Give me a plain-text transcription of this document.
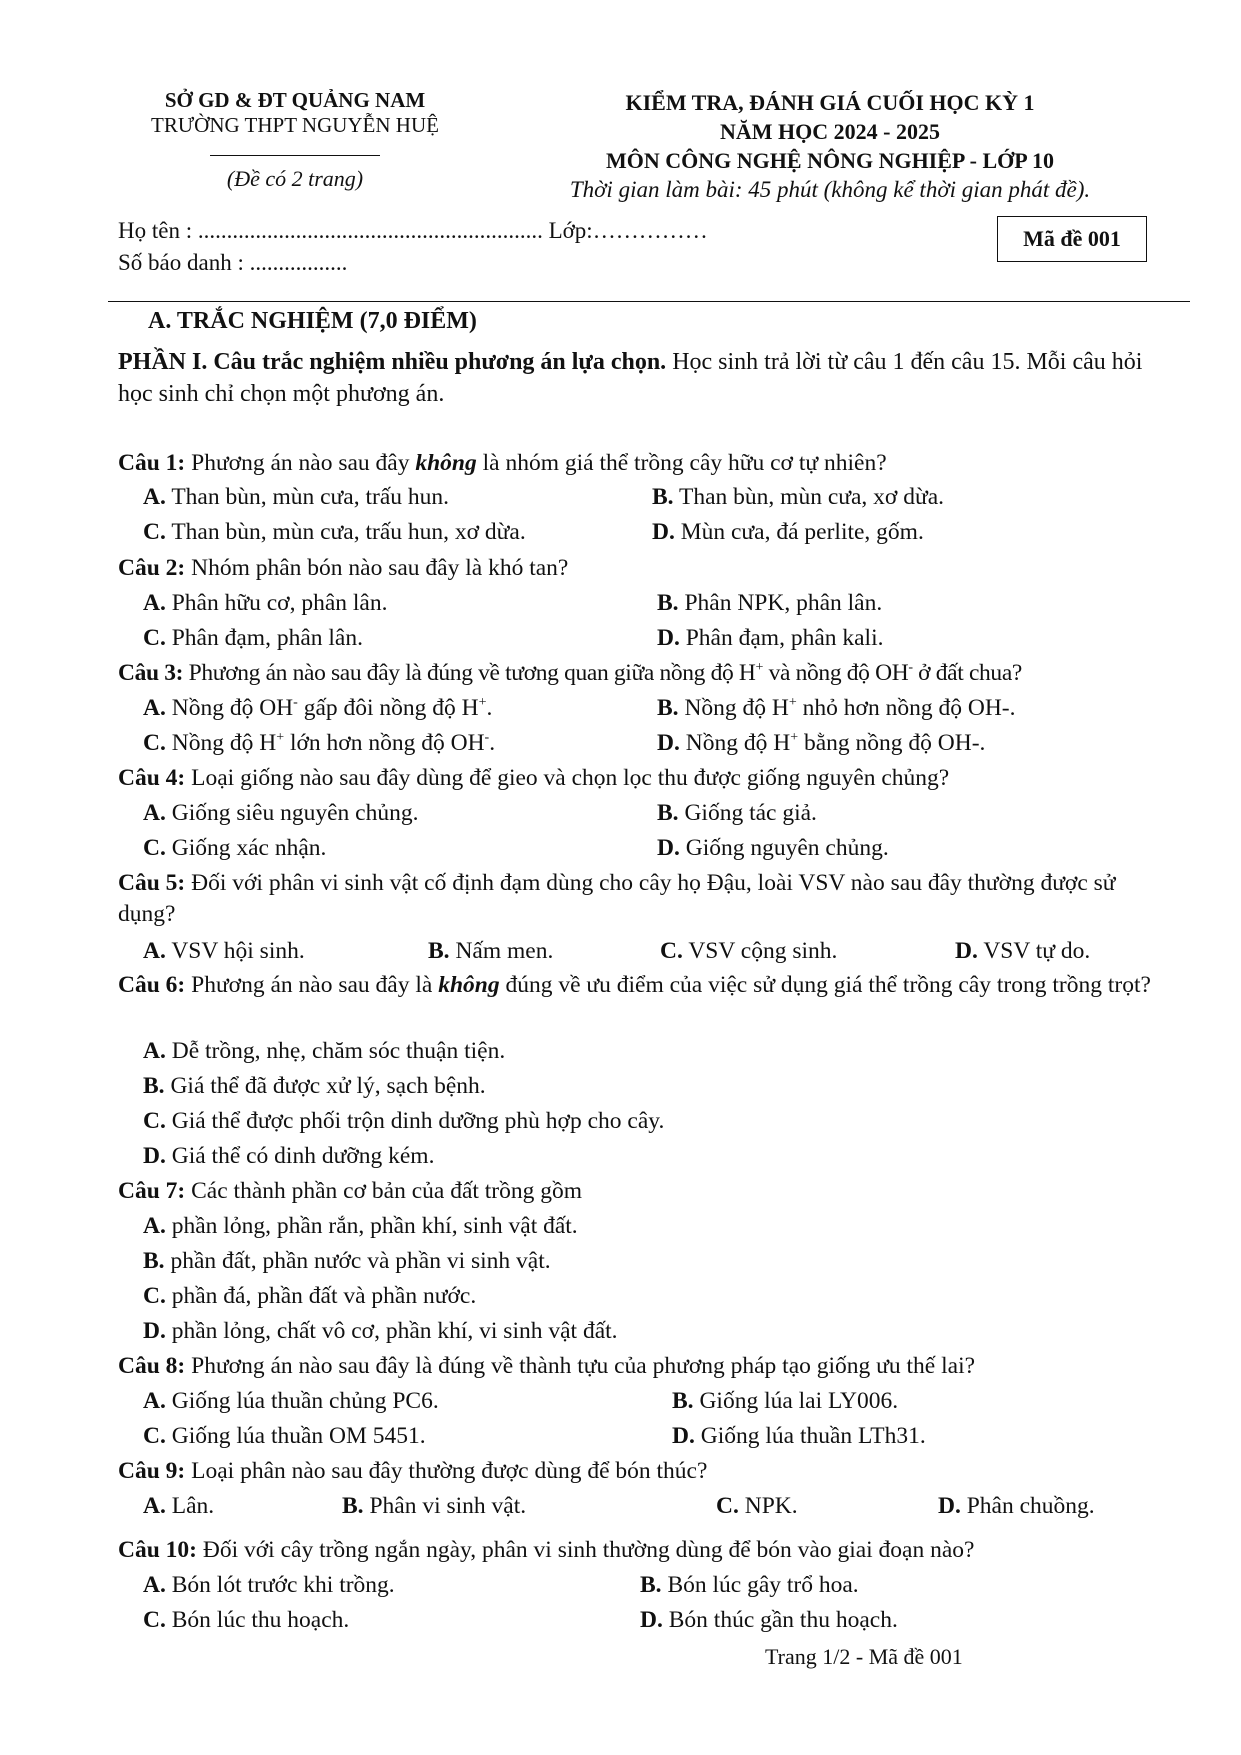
SỞ GD & ĐT QUẢNG NAM
TRƯỜNG THPT NGUYỄN HUỆ
(Đề có 2 trang)
KIỂM TRA, ĐÁNH GIÁ CUỐI HỌC KỲ 1
NĂM HỌC 2024 - 2025
MÔN CÔNG NGHỆ NÔNG NGHIỆP - LỚP 10
Thời gian làm bài: 45 phút (không kể thời gian phát đề).
Họ tên : ............................................................ Lớp:……………
Số báo danh : .................
Mã đề 001
A. TRẮC NGHIỆM (7,0 ĐIỂM)
PHẦN I. Câu trắc nghiệm nhiều phương án lựa chọn. Học sinh trả lời từ câu 1 đến câu 15. Mỗi câu hỏi học sinh chỉ chọn một phương án.
Câu 1: Phương án nào sau đây không là nhóm giá thể trồng cây hữu cơ tự nhiên?
A. Than bùn, mùn cưa, trấu hun.	B. Than bùn, mùn cưa, xơ dừa.
C. Than bùn, mùn cưa, trấu hun, xơ dừa.	D. Mùn cưa, đá perlite, gốm.
Câu 2: Nhóm phân bón nào sau đây là khó tan?
A. Phân hữu cơ, phân lân.	B. Phân NPK, phân lân.
C. Phân đạm, phân lân.	D. Phân đạm, phân kali.
Câu 3: Phương án nào sau đây là đúng về tương quan giữa nồng độ H+ và nồng độ OH- ở đất chua?
A. Nồng độ OH- gấp đôi nồng độ H+.	B. Nồng độ H+ nhỏ hơn nồng độ OH-.
C. Nồng độ H+ lớn hơn nồng độ OH-.	D. Nồng độ H+ bằng nồng độ OH-.
Câu 4: Loại giống nào sau đây dùng để gieo và chọn lọc thu được giống nguyên chủng?
A. Giống siêu nguyên chủng.	B. Giống tác giả.
C. Giống xác nhận.	D. Giống nguyên chủng.
Câu 5: Đối với phân vi sinh vật cố định đạm dùng cho cây họ Đậu, loài VSV nào sau đây thường được sử dụng?
A. VSV hội sinh.	B. Nấm men.	C. VSV cộng sinh.	D. VSV tự do.
Câu 6: Phương án nào sau đây là không đúng về ưu điểm của việc sử dụng giá thể trồng cây trong trồng trọt?
A. Dễ trồng, nhẹ, chăm sóc thuận tiện.
B. Giá thể đã được xử lý, sạch bệnh.
C. Giá thể được phối trộn dinh dưỡng phù hợp cho cây.
D. Giá thể có dinh dưỡng kém.
Câu 7: Các thành phần cơ bản của đất trồng gồm
A. phần lỏng, phần rắn, phần khí, sinh vật đất.
B. phần đất, phần nước và phần vi sinh vật.
C. phần đá, phần đất và phần nước.
D. phần lỏng, chất vô cơ, phần khí, vi sinh vật đất.
Câu 8: Phương án nào sau đây là đúng về thành tựu của phương pháp tạo giống ưu thế lai?
A. Giống lúa thuần chủng PC6.	B. Giống lúa lai LY006.
C. Giống lúa thuần OM 5451.	D. Giống lúa thuần LTh31.
Câu 9: Loại phân nào sau đây thường được dùng để bón thúc?
A. Lân.	B. Phân vi sinh vật.	C. NPK.	D. Phân chuồng.
Câu 10: Đối với cây trồng ngắn ngày, phân vi sinh thường dùng để bón vào giai đoạn nào?
A. Bón lót trước khi trồng.	B. Bón lúc gây trổ hoa.
C. Bón lúc thu hoạch.	D. Bón thúc gần thu hoạch.
Trang 1/2 - Mã đề 001
